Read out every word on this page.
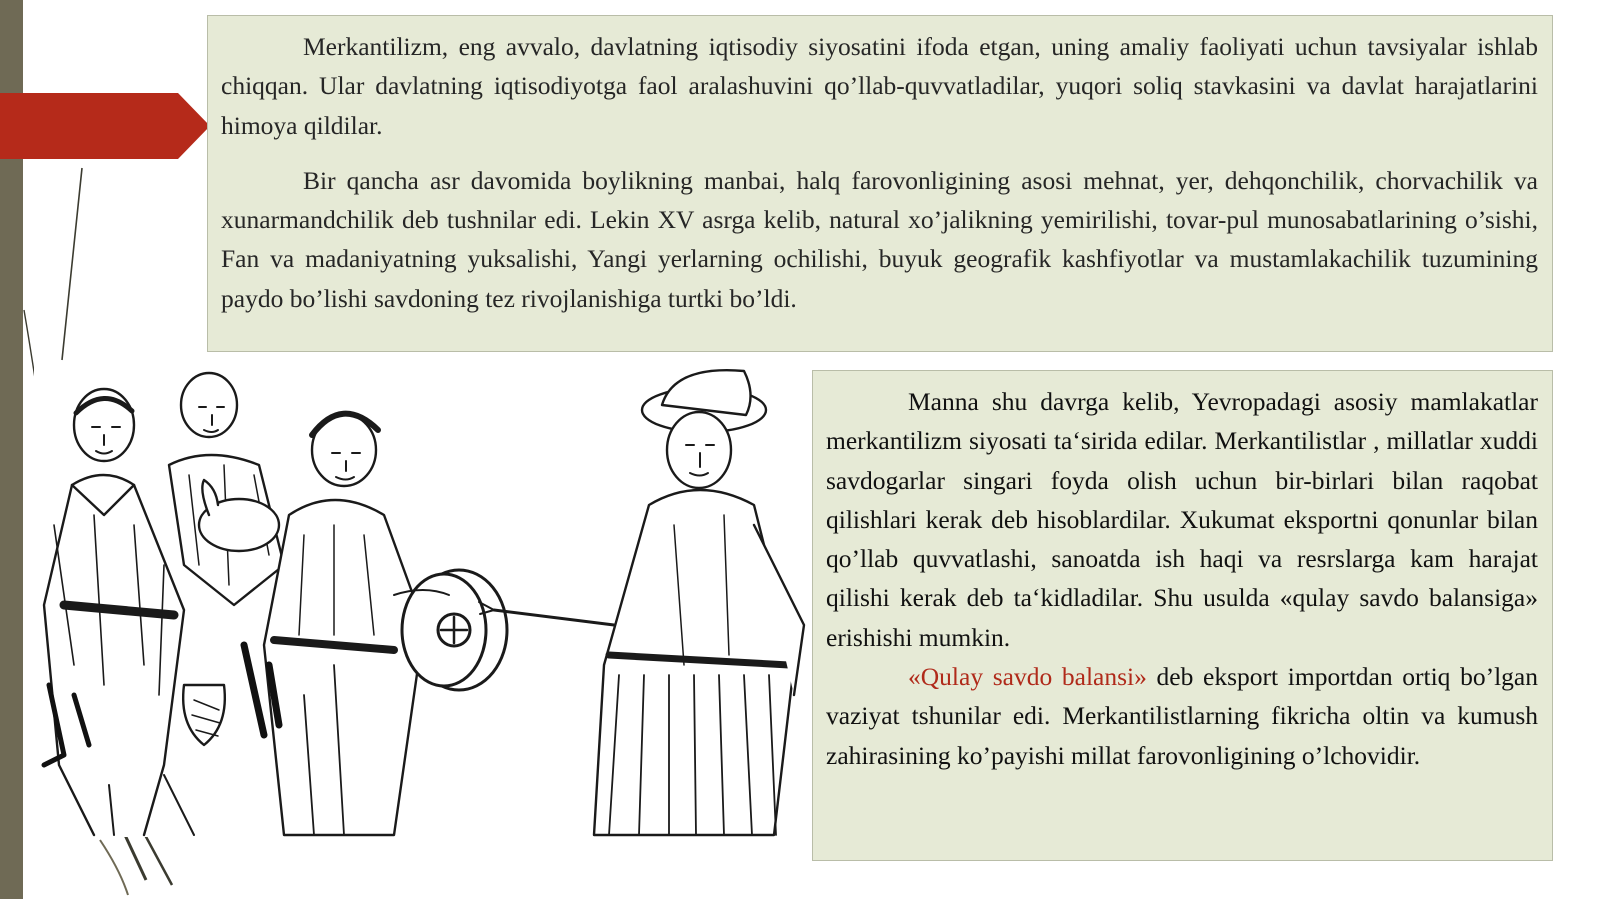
Merkantilizm, eng avvalo, davlatning iqtisodiy siyosatini ifoda etgan, uning amaliy faoliyati uchun tavsiyalar ishlab chiqqan. Ular davlatning iqtisodiyotga faol aralashuvini qo’llab-quvvatladilar, yuqori soliq stavkasini va davlat harajatlarini himoya qildilar.

Bir qancha asr davomida boylikning manbai, halq farovonligining asosi mehnat, yer, dehqonchilik, chorvachilik va xunarmandchilik deb tushnilar edi. Lekin XV asrga kelib, natural xo’jalikning yemirilishi, tovar-pul munosabatlarining o’sishi, Fan va madaniyatning yuksalishi, Yangi yerlarning ochilishi, buyuk geografik kashfiyotlar va mustamlakachilik tuzumining paydo bo’lishi savdoning tez rivojlanishiga turtki bo’ldi.

Manna shu davrga kelib, Yevropadagi asosiy mamlakatlar merkantilizm siyosati ta‘sirida edilar. Merkantilistlar , millatlar xuddi savdogarlar singari foyda olish uchun bir-birlari bilan raqobat qilishlari kerak deb hisoblardilar. Xukumat eksportni qonunlar bilan qo’llab quvvatlashi, sanoatda ish haqi va resrslarga kam harajat qilishi kerak deb ta‘kidladilar. Shu usulda «qulay savdo balansiga» erishishi mumkin.

«Qulay savdo balansi» deb eksport importdan ortiq bo’lgan vaziyat tshunilar edi. Merkantilistlarning fikricha oltin va kumush zahirasining ko’payishi millat farovonligining o’lchovidir.
